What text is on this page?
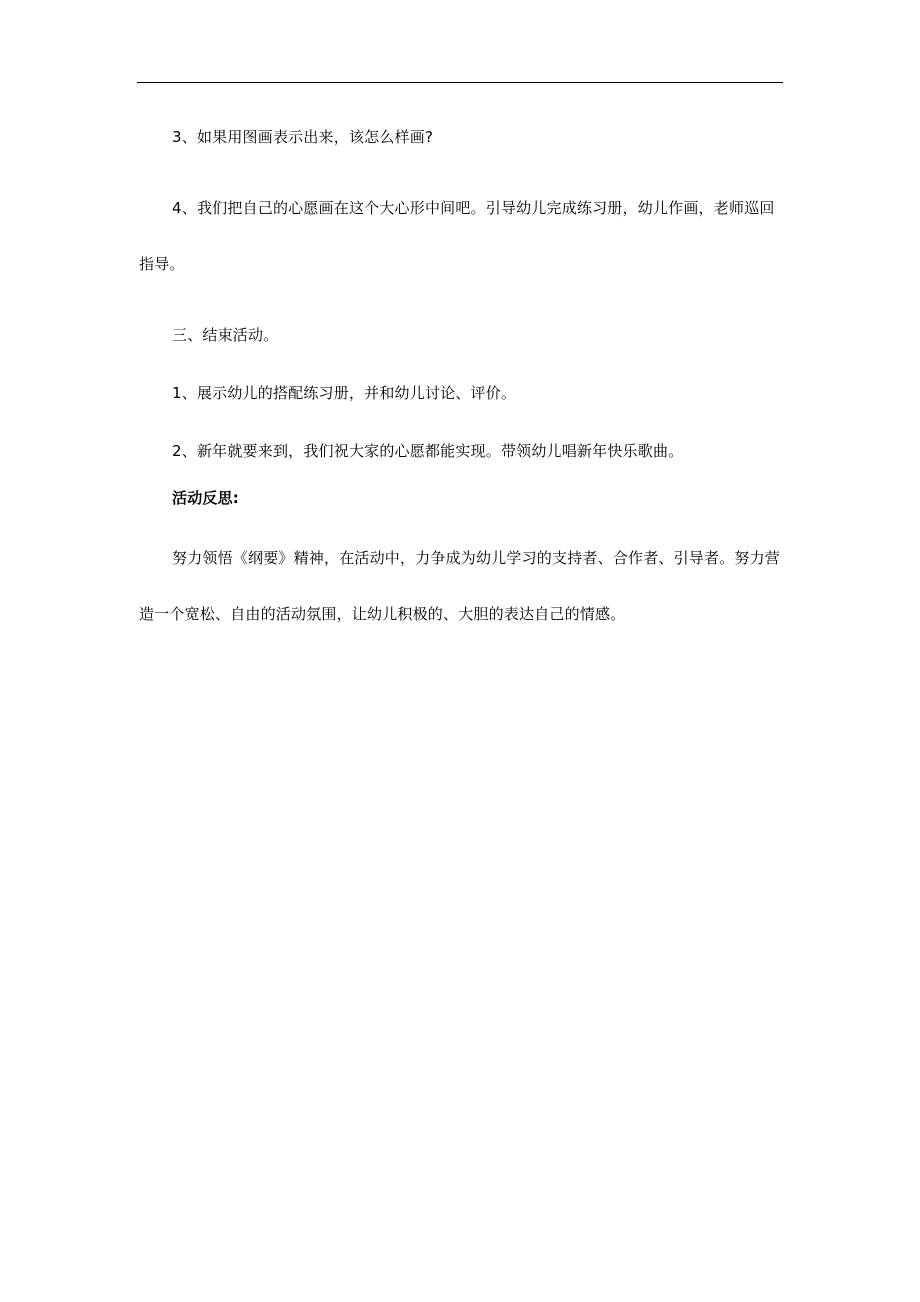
3、如果用图画表示出来，该怎么样画?

4、我们把自己的心愿画在这个大心形中间吧。引导幼儿完成练习册，幼儿作画，老师巡回指导。

三、结束活动。

1、展示幼儿的搭配练习册，并和幼儿讨论、评价。

2、新年就要来到，我们祝大家的心愿都能实现。带领幼儿唱新年快乐歌曲。

活动反思:

努力领悟《纲要》精神，在活动中，力争成为幼儿学习的支持者、合作者、引导者。努力营造一个宽松、自由的活动氛围，让幼儿积极的、大胆的表达自己的情感。
